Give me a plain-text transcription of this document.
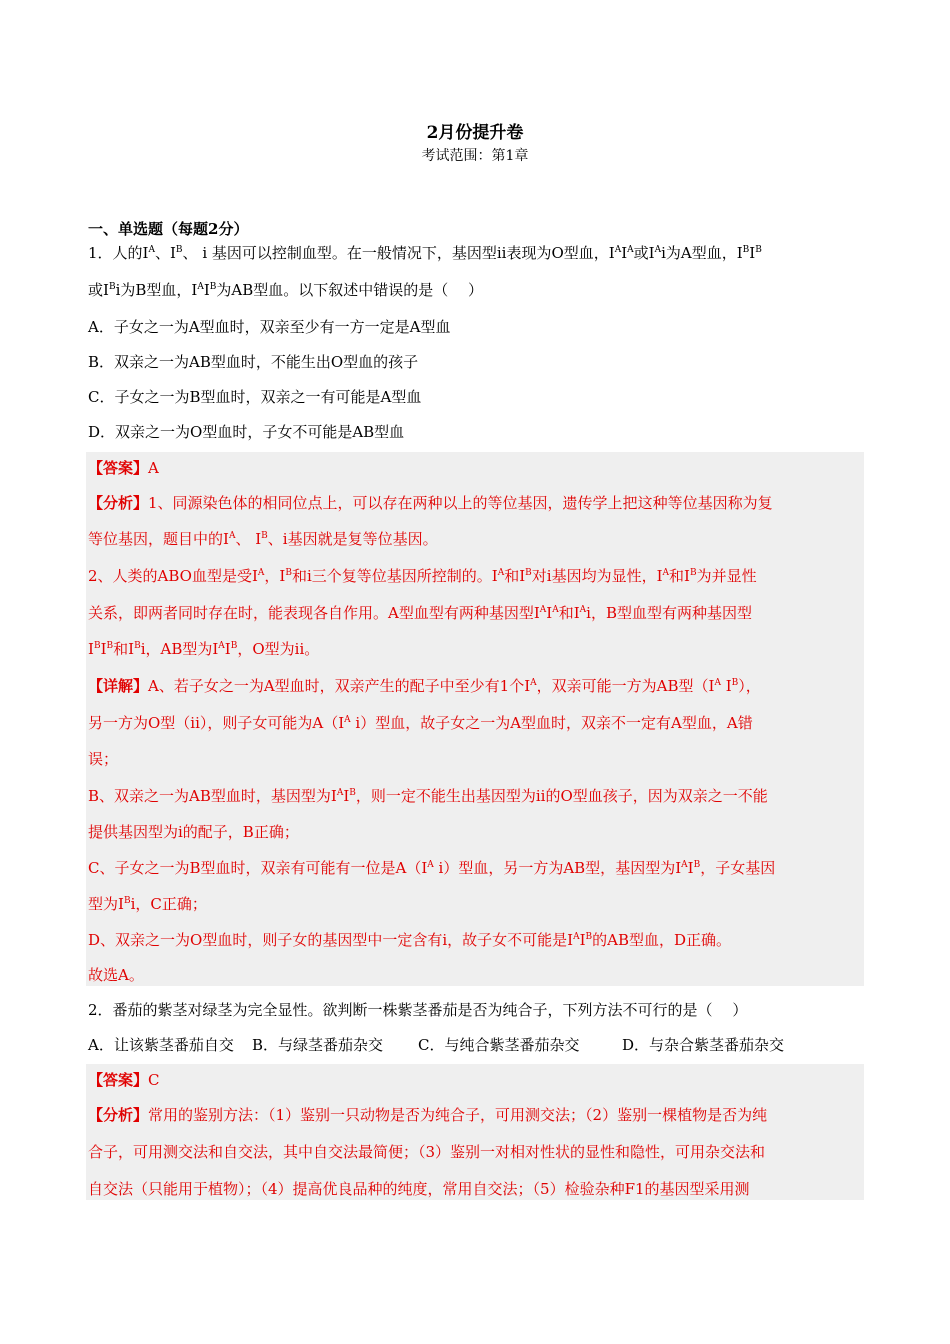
2月份提升卷
考试范围：第1章
一、单选题（每题2分）
1．人的$I^A$、$I^B$、 i 基因可以控制血型。在一般情况下，基因型ii表现为O型血，$I^AI^A$或$I^Ai$为A型血，$I^BI^B$
或$I^Bi$为B型血，$I^AI^B$为AB型血。以下叙述中错误的是（　 ）
A．子女之一为A型血时，双亲至少有一方一定是A型血
B．双亲之一为AB型血时，不能生出O型血的孩子
C．子女之一为B型血时，双亲之一有可能是A型血
D．双亲之一为O型血时，子女不可能是AB型血
【答案】A
【分析】1、同源染色体的相同位点上，可以存在两种以上的等位基因，遗传学上把这种等位基因称为复
等位基因，题目中的Ⅰ$^A$、 Ⅰ$^B$、i基因就是复等位基因。
2、人类的ABO血型是受$I^A$，$I^B$和i三个复等位基因所控制的。$I^A$和$I^B$对i基因均为显性，$I^A$和$I^B$为并显性
关系，即两者同时存在时，能表现各自作用。A型血型有两种基因型$I^AI^A$和$I^Ai$，B型血型有两种基因型
$I^BI^B$和$I^Bi$，AB型为$I^AI^B$，O型为ii。
【详解】A、若子女之一为A型血时，双亲产生的配子中至少有1个$I^A$，双亲可能一方为AB型（$I^A$ $I^B$），
另一方为O型（ii），则子女可能为$A(I^A$ i）型血，故子女之一为A型血时，双亲不一定有A型血，A错
误；
B、双亲之一为AB型血时，基因型为$I^AI^B$，则一定不能生出基因型为ii的O型血孩子，因为双亲之一不能
提供基因型为i的配子，B正确；
C、子女之一为B型血时，双亲有可能有一位是$A(I^A$ i）型血，另一方为AB型，基因型为$I^AI^B$，子女基因
型为$I^Bi$，C正确；
D、双亲之一为O型血时，则子女的基因型中一定含有i，故子女不可能是$I^AI^B$的AB型血，D正确。
故选A。
2．番茄的紫茎对绿茎为完全显性。欲判断一株紫茎番茄是否为纯合子，下列方法不可行的是（　 ）
A．让该紫茎番茄自交 B．与绿茎番茄杂交 C．与纯合紫茎番茄杂交	D．与杂合紫茎番茄杂交
【答案】C
【分析】常用的鉴别方法：（1）鉴别一只动物是否为纯合子，可用测交法；（2）鉴别一棵植物是否为纯
合子，可用测交法和自交法，其中自交法最简便；（3）鉴别一对相对性状的显性和隐性，可用杂交法和
自交法（只能用于植物）；（4）提高优良品种的纯度，常用自交法；（5）检验杂种F1的基因型采用测
